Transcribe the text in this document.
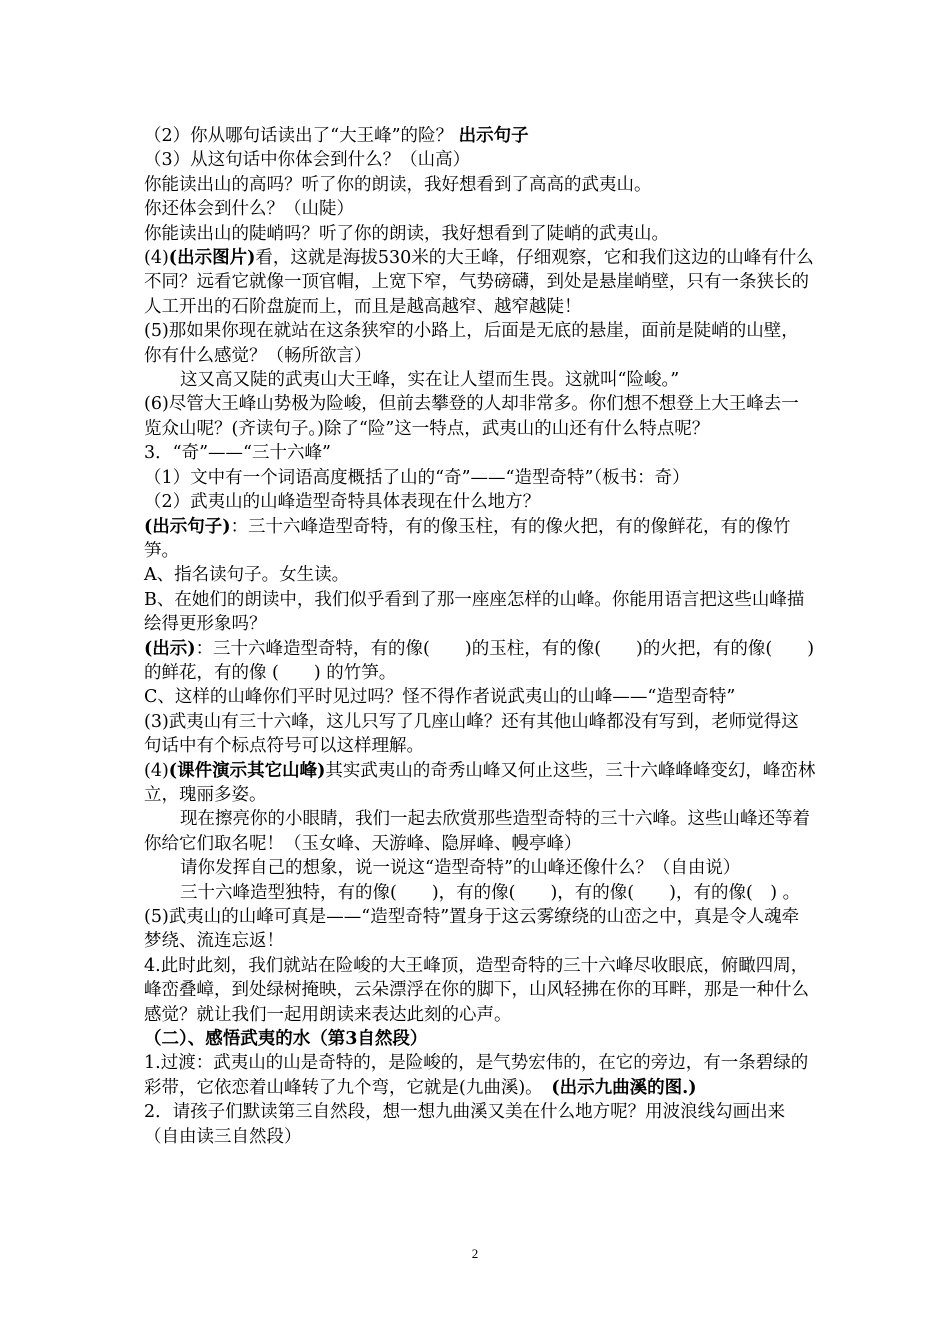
（2）你从哪句话读出了“大王峰”的险？ 出示句子

（3）从这句话中你体会到什么？（山高）

你能读出山的高吗？听了你的朗读，我好想看到了高高的武夷山。

你还体会到什么？（山陡）

你能读出山的陡峭吗？听了你的朗读，我好想看到了陡峭的武夷山。

(4)(出示图片)看，这就是海拔530米的大王峰，仔细观察，它和我们这边的山峰有什么不同？远看它就像一顶官帽，上宽下窄，气势磅礴，到处是悬崖峭壁，只有一条狭长的人工开出的石阶盘旋而上，而且是越高越窄、越窄越陡！

(5)那如果你现在就站在这条狭窄的小路上，后面是无底的悬崖，面前是陡峭的山壁，你有什么感觉？（畅所欲言）

这又高又陡的武夷山大王峰，实在让人望而生畏。这就叫“险峻。”

(6)尽管大王峰山势极为险峻，但前去攀登的人却非常多。你们想不想登上大王峰去一览众山呢？(齐读句子。)除了“险”这一特点，武夷山的山还有什么特点呢？

3．“奇”——“三十六峰”

（1）文中有一个词语高度概括了山的“奇”——“造型奇特”（板书：奇）

（2）武夷山的山峰造型奇特具体表现在什么地方？

(出示句子)：三十六峰造型奇特，有的像玉柱，有的像火把，有的像鲜花，有的像竹笋。

A、指名读句子。女生读。

B、在她们的朗读中，我们似乎看到了那一座座怎样的山峰。你能用语言把这些山峰描绘得更形象吗？

(出示)：三十六峰造型奇特，有的像(　　)的玉柱，有的像(　　)的火把，有的像(　　) 的鲜花，有的像 (　　) 的竹笋。

C、这样的山峰你们平时见过吗？怪不得作者说武夷山的山峰——“造型奇特”

(3)武夷山有三十六峰，这儿只写了几座山峰？还有其他山峰都没有写到，老师觉得这句话中有个标点符号可以这样理解。

(4)(课件演示其它山峰)其实武夷山的奇秀山峰又何止这些，三十六峰峰峰变幻，峰峦林立，瑰丽多姿。

现在擦亮你的小眼睛，我们一起去欣赏那些造型奇特的三十六峰。这些山峰还等着你给它们取名呢！（玉女峰、天游峰、隐屏峰、幔亭峰）

请你发挥自己的想象，说一说这“造型奇特”的山峰还像什么？（自由说）

三十六峰造型独特，有的像(　　)，有的像(　　)，有的像(　　)，有的像(　) 。

(5)武夷山的山峰可真是——“造型奇特”置身于这云雾缭绕的山峦之中，真是令人魂牵梦绕、流连忘返！

4.此时此刻，我们就站在险峻的大王峰顶，造型奇特的三十六峰尽收眼底，俯瞰四周，峰峦叠嶂，到处绿树掩映，云朵漂浮在你的脚下，山风轻拂在你的耳畔，那是一种什么感觉？就让我们一起用朗读来表达此刻的心声。

（二）、感悟武夷的水（第3自然段）

1.过渡：武夷山的山是奇特的，是险峻的，是气势宏伟的，在它的旁边，有一条碧绿的彩带，它依恋着山峰转了九个弯，它就是(九曲溪)。　(出示九曲溪的图.)

2．请孩子们默读第三自然段，想一想九曲溪又美在什么地方呢？用波浪线勾画出来（自由读三自然段）

2
